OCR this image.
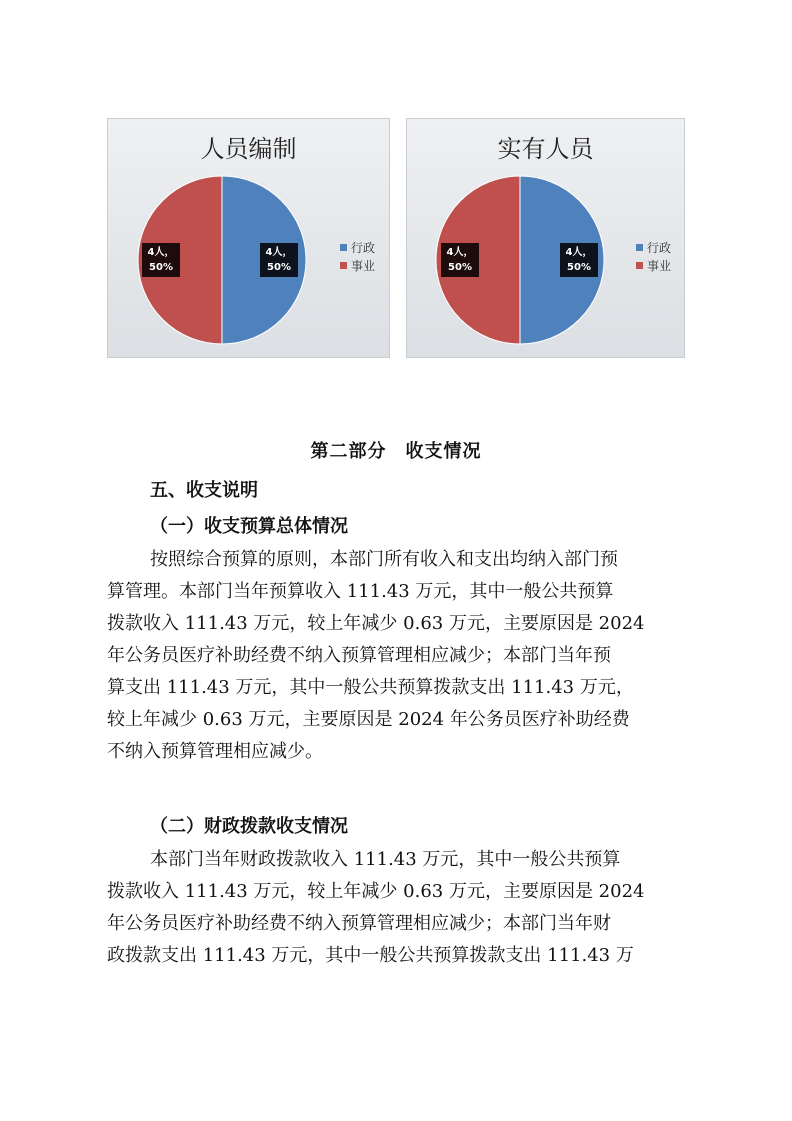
人员编制
4人，
50%
4人，
50%
行政
事业
实有人员
4人，
50%
4人，
50%
行政
事业
第二部分　收支情况
五、收支说明
（一）收支预算总体情况
按照综合预算的原则，本部门所有收入和支出均纳入部门预
算管理。本部门当年预算收入 111.43 万元，其中一般公共预算
拨款收入 111.43 万元，较上年减少 0.63 万元，主要原因是 2024
年公务员医疗补助经费不纳入预算管理相应减少；本部门当年预
算支出 111.43 万元，其中一般公共预算拨款支出 111.43 万元，
较上年减少 0.63 万元，主要原因是 2024 年公务员医疗补助经费
不纳入预算管理相应减少。
（二）财政拨款收支情况
本部门当年财政拨款收入 111.43 万元，其中一般公共预算
拨款收入 111.43 万元，较上年减少 0.63 万元，主要原因是 2024
年公务员医疗补助经费不纳入预算管理相应减少；本部门当年财
政拨款支出 111.43 万元，其中一般公共预算拨款支出 111.43 万
